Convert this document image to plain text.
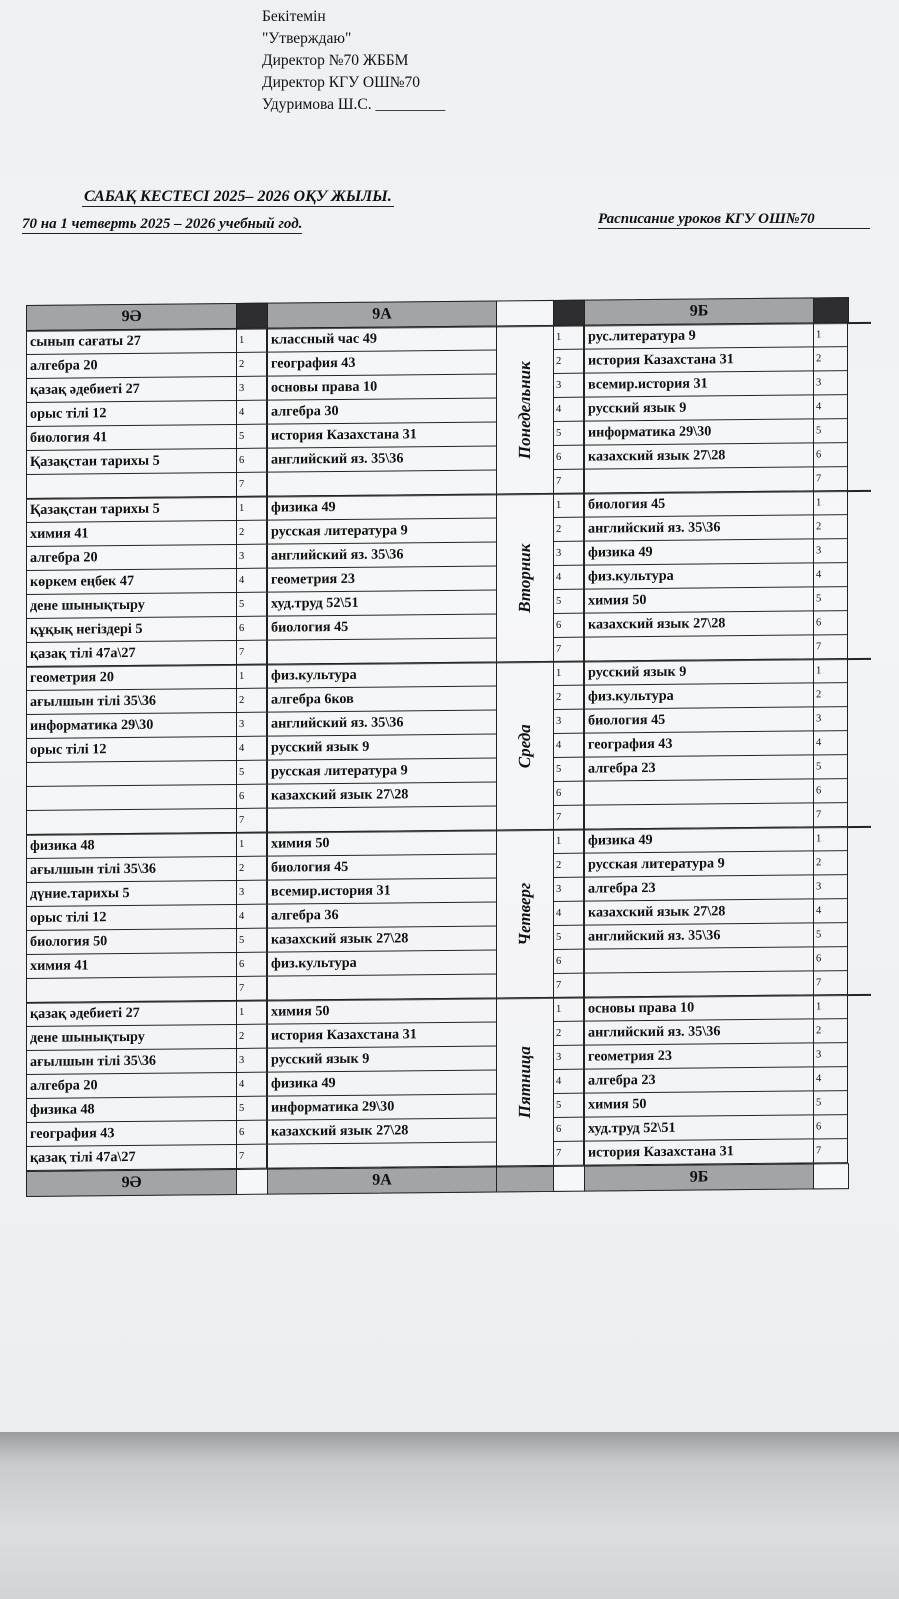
Бекітемін
"Утверждаю"
Директор №70 ЖББМ
Директор КГУ ОШ№70
Удуримова Ш.С. _________
САБАҚ КЕСТЕСІ 2025– 2026 ОҚУ ЖЫЛЫ.
70 на 1 четверть 2025 – 2026 учебный год.	Расписание уроков КГУ ОШ№70
9Ә	9А	9Б
сынып сағаты 27	1	классный час 49	1	рус.литература 9	1
алгебра 20	2	география 43	2	история Казахстана 31	2
қазақ әдебиеті 27	3	основы права 10	3	всемир.история 31	3
орыс тілі 12	4	алгебра 30	4	русский язык 9	4
биология 41	5	история Казахстана 31	5	информатика 29\30	5
Қазақстан тарихы 5	6	английский яз. 35\36	6	казахский язык 27\28	6
7	7	7
Понедельник
Қазақстан тарихы 5	1	физика 49	1	биология 45	1
химия 41	2	русская литература 9	2	английский яз. 35\36	2
алгебра 20	3	английский яз. 35\36	3	физика 49	3
көркем еңбек 47	4	геометрия 23	4	физ.культура	4
дене шынықтыру	5	худ.труд 52\51	5	химия 50	5
құқық негіздері 5	6	биология 45	6	казахский язык 27\28	6
қазақ тілі 47а\27	7	7	7
Вторник
геометрия 20	1	физ.культура	1	русский язык 9	1
ағылшын тілі 35\36	2	алгебра 6ков	2	физ.культура	2
информатика 29\30	3	английский яз. 35\36	3	биология 45	3
орыс тілі 12	4	русский язык 9	4	география 43	4
5	русская литература 9	5	алгебра 23	5
6	казахский язык 27\28	6	6
7	7	7
Среда
физика 48	1	химия 50	1	физика 49	1
ағылшын тілі 35\36	2	биология 45	2	русская литература 9	2
дүние.тарихы 5	3	всемир.история 31	3	алгебра 23	3
орыс тілі 12	4	алгебра 36	4	казахский язык 27\28	4
биология 50	5	казахский язык 27\28	5	английский яз. 35\36	5
химия 41	6	физ.культура	6	6
7	7	7
Четверг
қазақ әдебиеті 27	1	химия 50	1	основы права 10	1
дене шынықтыру	2	история Казахстана 31	2	английский яз. 35\36	2
ағылшын тілі 35\36	3	русский язык 9	3	геометрия 23	3
алгебра 20	4	физика 49	4	алгебра 23	4
физика 48	5	информатика 29\30	5	химия 50	5
география 43	6	казахский язык 27\28	6	худ.труд 52\51	6
қазақ тілі 47а\27	7	7	история Казахстана 31	7
Пятница
9Ә	9А	9Б
